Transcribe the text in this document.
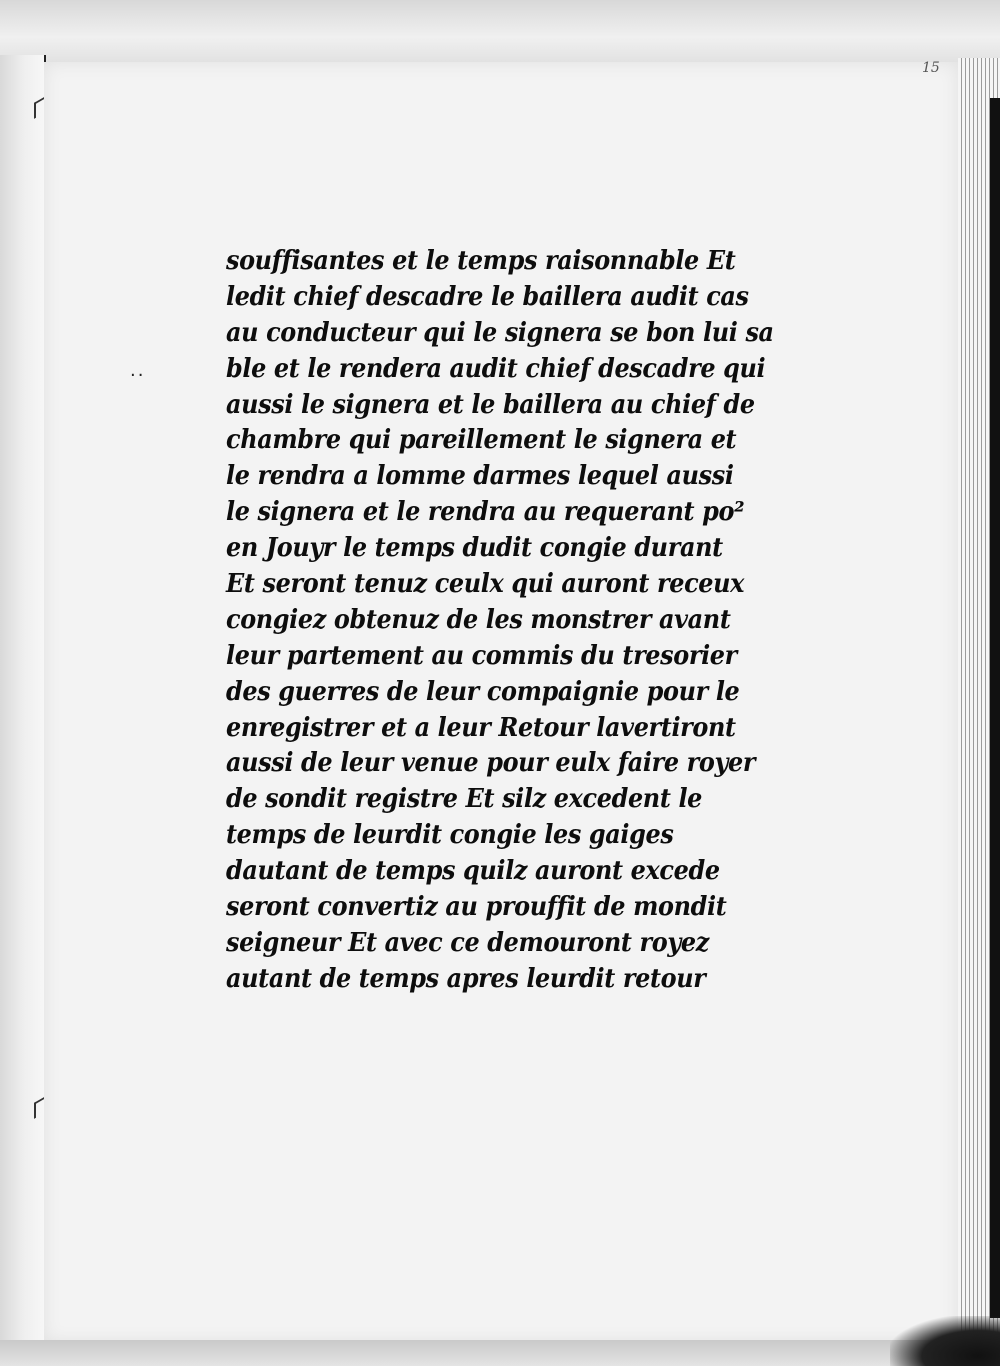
15
..
souffisantes et le temps raisonnable Et
ledit chief descadre le baillera audit cas
au conducteur qui le signera se bon lui sa
ble et le rendera audit chief descadre qui
aussi le signera et le baillera au chief de
chambre qui pareillement le signera et
le rendra a lomme darmes lequel aussi
le signera et le rendra au requerant po²
en Jouyr le temps dudit congie durant
Et seront tenuz ceulx qui auront receux
congiez obtenuz de les monstrer avant
leur partement au commis du tresorier
des guerres de leur compaignie pour le
enregistrer et a leur Retour lavertiront
aussi de leur venue pour eulx faire royer
de sondit registre Et silz excedent le
temps de leurdit congie les gaiges
dautant de temps quilz auront excede
seront convertiz au prouffit de mondit
seigneur Et avec ce demouront royez
autant de temps apres leurdit retour
